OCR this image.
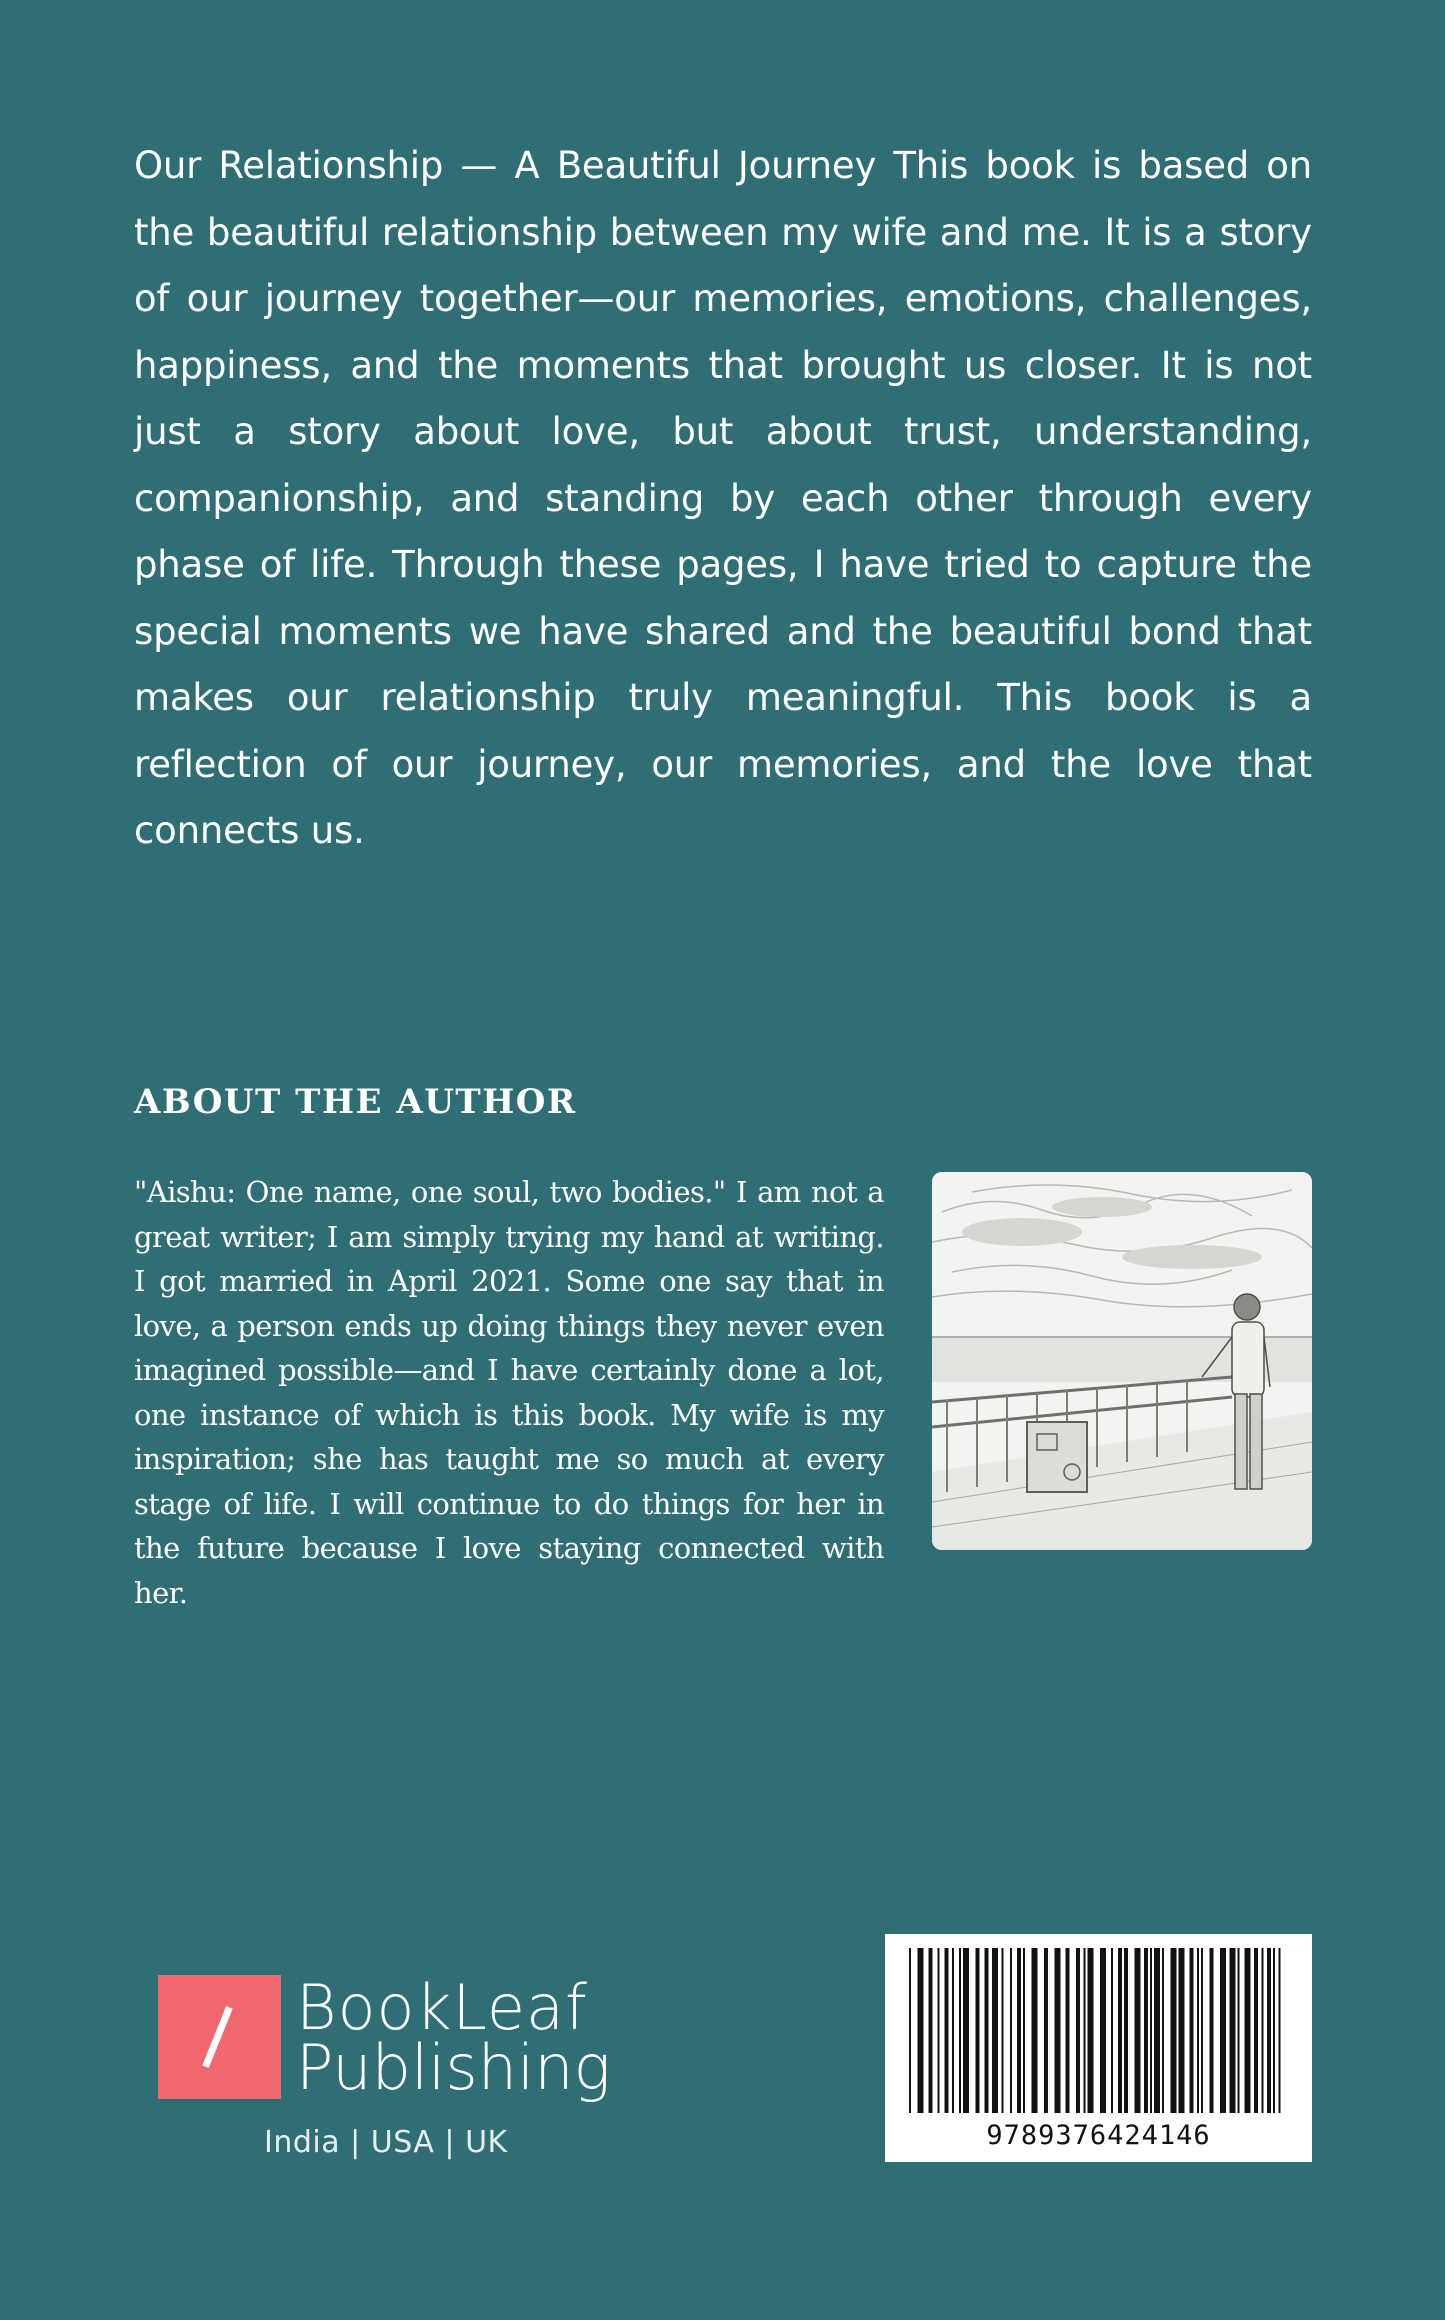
Our Relationship — A Beautiful Journey This book is based on the beautiful relationship between my wife and me. It is a story of our journey together—our memories, emotions, challenges, happiness, and the moments that brought us closer. It is not just a story about love, but about trust, understanding, companionship, and standing by each other through every phase of life. Through these pages, I have tried to capture the special moments we have shared and the beautiful bond that makes our relationship truly meaningful. This book is a reflection of our journey, our memories, and the love that connects us.

ABOUT THE AUTHOR

"Aishu: One name, one soul, two bodies." I am not a great writer; I am simply trying my hand at writing. I got married in April 2021. Some one say that in love, a person ends up doing things they never even imagined possible—and I have certainly done a lot, one instance of which is this book. My wife is my inspiration; she has taught me so much at every stage of life. I will continue to do things for her in the future because I love staying connected with her.

BookLeaf
Publishing
India | USA | UK	9789376424146
